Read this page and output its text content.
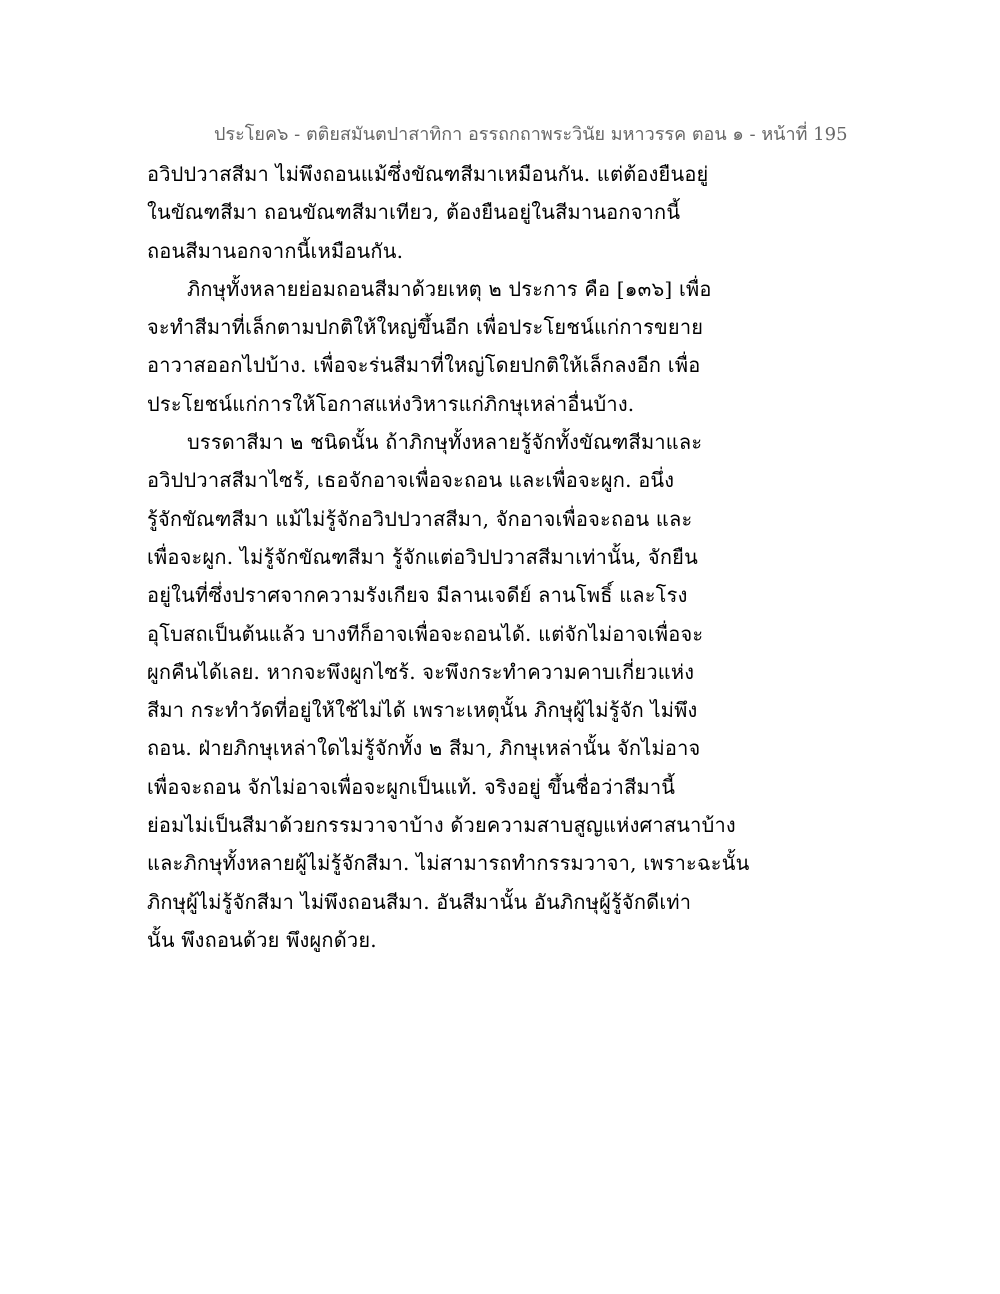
ประโยค๖ - ตติยสมันตปาสาทิกา อรรถกถาพระวินัย มหาวรรค ตอน ๑ - หน้าที่ 195
อวิปปวาสสีมา ไม่พึงถอนแม้ซึ่งขัณฑสีมาเหมือนกัน. แต่ต้องยืนอยู่
ในขัณฑสีมา ถอนขัณฑสีมาเทียว, ต้องยืนอยู่ในสีมานอกจากนี้
ถอนสีมานอกจากนี้เหมือนกัน.
ภิกษุทั้งหลายย่อมถอนสีมาด้วยเหตุ ๒ ประการ คือ [๑๓๖] เพื่อ
จะทำสีมาที่เล็กตามปกติให้ใหญ่ขึ้นอีก เพื่อประโยชน์แก่การขยาย
อาวาสออกไปบ้าง. เพื่อจะร่นสีมาที่ใหญ่โดยปกติให้เล็กลงอีก เพื่อ
ประโยชน์แก่การให้โอกาสแห่งวิหารแก่ภิกษุเหล่าอื่นบ้าง.
บรรดาสีมา ๒ ชนิดนั้น ถ้าภิกษุทั้งหลายรู้จักทั้งขัณฑสีมาและ
อวิปปวาสสีมาไซร้, เธอจักอาจเพื่อจะถอน และเพื่อจะผูก. อนึ่ง
รู้จักขัณฑสีมา แม้ไม่รู้จักอวิปปวาสสีมา, จักอาจเพื่อจะถอน และ
เพื่อจะผูก. ไม่รู้จักขัณฑสีมา รู้จักแต่อวิปปวาสสีมาเท่านั้น, จักยืน
อยู่ในที่ซึ่งปราศจากความรังเกียจ มีลานเจดีย์ ลานโพธิ์ และโรง
อุโบสถเป็นต้นแล้ว บางทีก็อาจเพื่อจะถอนได้. แต่จักไม่อาจเพื่อจะ
ผูกคืนได้เลย. หากจะพึงผูกไซร้. จะพึงกระทำความคาบเกี่ยวแห่ง
สีมา กระทำวัดที่อยู่ให้ใช้ไม่ได้ เพราะเหตุนั้น ภิกษุผู้ไม่รู้จัก ไม่พึง
ถอน. ฝ่ายภิกษุเหล่าใดไม่รู้จักทั้ง ๒ สีมา, ภิกษุเหล่านั้น จักไม่อาจ
เพื่อจะถอน จักไม่อาจเพื่อจะผูกเป็นแท้. จริงอยู่ ขึ้นชื่อว่าสีมานี้
ย่อมไม่เป็นสีมาด้วยกรรมวาจาบ้าง ด้วยความสาบสูญแห่งศาสนาบ้าง
และภิกษุทั้งหลายผู้ไม่รู้จักสีมา. ไม่สามารถทำกรรมวาจา, เพราะฉะนั้น
ภิกษุผู้ไม่รู้จักสีมา ไม่พึงถอนสีมา. อันสีมานั้น อันภิกษุผู้รู้จักดีเท่า
นั้น พึงถอนด้วย พึงผูกด้วย.
